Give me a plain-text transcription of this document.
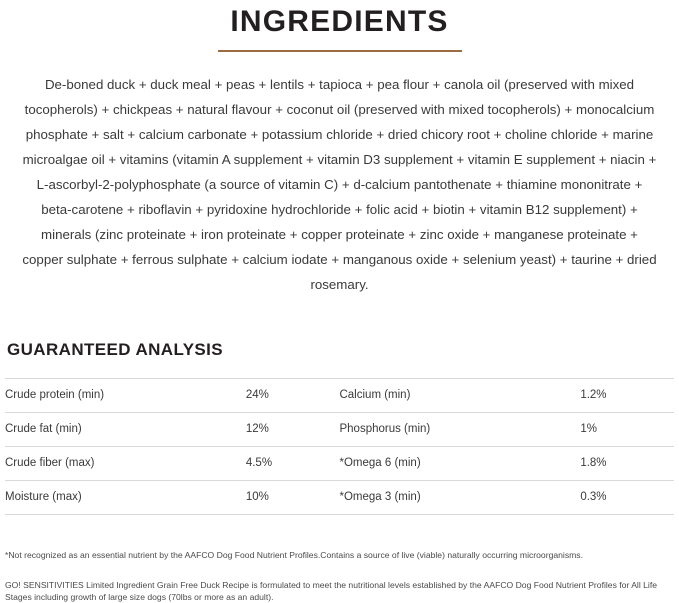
INGREDIENTS

De-boned duck + duck meal + peas + lentils + tapioca + pea flour + canola oil (preserved with mixed tocopherols) + chickpeas + natural flavour + coconut oil (preserved with mixed tocopherols) + monocalcium phosphate + salt + calcium carbonate + potassium chloride + dried chicory root + choline chloride + marine microalgae oil + vitamins (vitamin A supplement + vitamin D3 supplement + vitamin E supplement + niacin + L-ascorbyl-2-polyphosphate (a source of vitamin C) + d-calcium pantothenate + thiamine mononitrate + beta-carotene + riboflavin + pyridoxine hydrochloride + folic acid + biotin + vitamin B12 supplement) + minerals (zinc proteinate + iron proteinate + copper proteinate + zinc oxide + manganese proteinate + copper sulphate + ferrous sulphate + calcium iodate + manganous oxide + selenium yeast) + taurine + dried rosemary.

GUARANTEED ANALYSIS
Crude protein (min)	24%	Calcium (min)	1.2%
Crude fat (min)	12%	Phosphorus (min)	1%
Crude fiber (max)	4.5%	*Omega 6 (min)	1.8%
Moisture (max)	10%	*Omega 3 (min)	0.3%

*Not recognized as an essential nutrient by the AAFCO Dog Food Nutrient Profiles.Contains a source of live (viable) naturally occurring microorganisms.

GO! SENSITIVITIES Limited Ingredient Grain Free Duck Recipe is formulated to meet the nutritional levels established by the AAFCO Dog Food Nutrient Profiles for All Life Stages including growth of large size dogs (70lbs or more as an adult).
